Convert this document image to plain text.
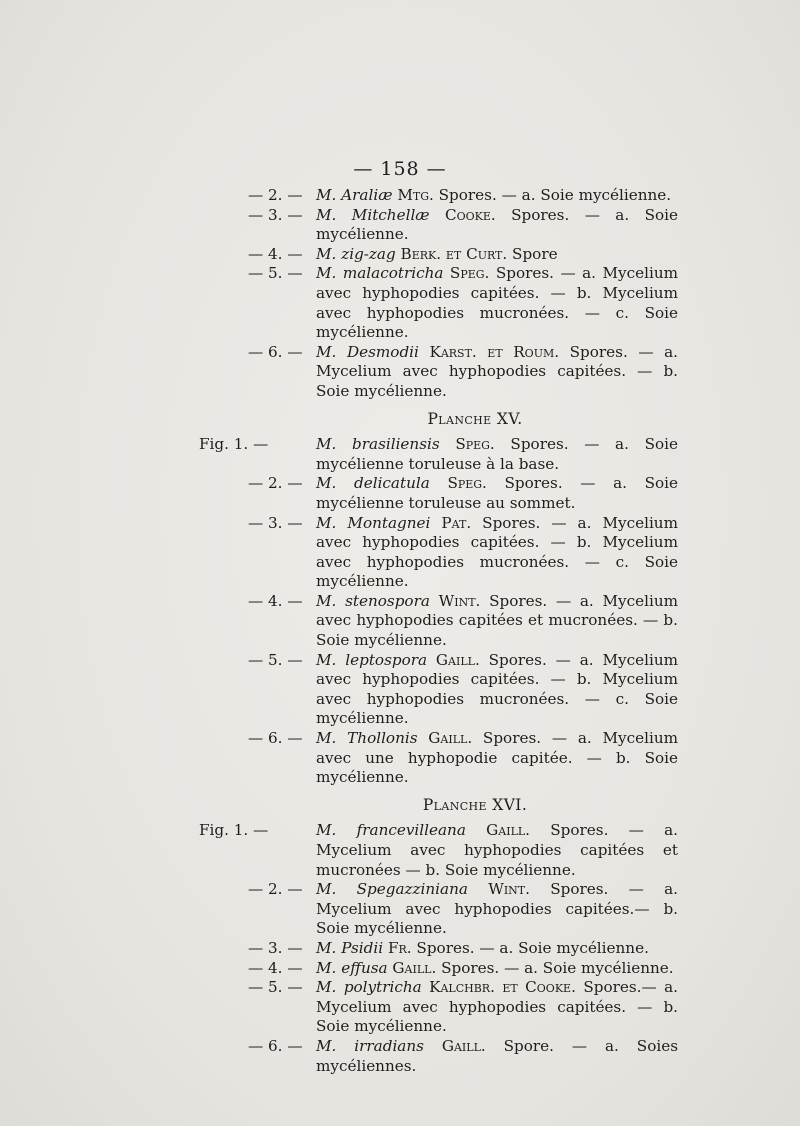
— 158 —
— 2. — M. Araliæ Mtg. Spores. — a. Soie mycélienne.
— 3. — M. Mitchellæ Cooke. Spores. — a. Soie mycélienne.
— 4. — M. zig-zag Berk. et Curt. Spore
— 5. — M. malacotricha Speg. Spores. — a. Mycelium avec hyphopodies capitées. — b. Mycelium avec hyphopodies mucronées. — c. Soie mycélienne.
— 6. — M. Desmodii Karst. et Roum. Spores. — a. Mycelium avec hyphopodies capitées. — b. Soie mycélienne.
Planche XV.
Fig. 1. —	M. brasiliensis Speg. Spores. — a. Soie mycélienne toruleuse à la base.
— 2. — M. delicatula Speg. Spores. — a. Soie mycélienne toruleuse au sommet.
— 3. — M. Montagnei Pat. Spores. — a. Mycelium avec hyphopodies capitées. — b. Mycelium avec hyphopodies mucronées. — c. Soie mycélienne.
— 4. — M. stenospora Wint. Spores. — a. Mycelium avec hyphopodies capitées et mucronées. — b. Soie mycélienne.
— 5. — M. leptospora Gaill. Spores. — a. Mycelium avec hyphopodies capitées. — b. Mycelium avec hyphopodies mucronées. — c. Soie mycélienne.
— 6. — M. Thollonis Gaill. Spores. — a. Mycelium avec une hyphopodie capitée. — b. Soie mycélienne.
Planche XVI.
Fig. 1. —	M. francevilleana Gaill. Spores. — a. Mycelium avec hyphopodies capitées et mucronées — b. Soie mycélienne.
— 2. — M. Spegazziniana Wint. Spores. — a. Mycelium avec hyphopodies capitées.— b. Soie mycélienne.
— 3. — M. Psidii Fr. Spores. — a. Soie mycélienne.
— 4. — M. effusa Gaill. Spores. — a. Soie mycélienne.
— 5. — M. polytricha Kalchbr. et Cooke. Spores.— a. Mycelium avec hyphopodies capitées. — b. Soie mycélienne.
— 6. — M. irradians Gaill. Spore. — a. Soies mycéliennes.
